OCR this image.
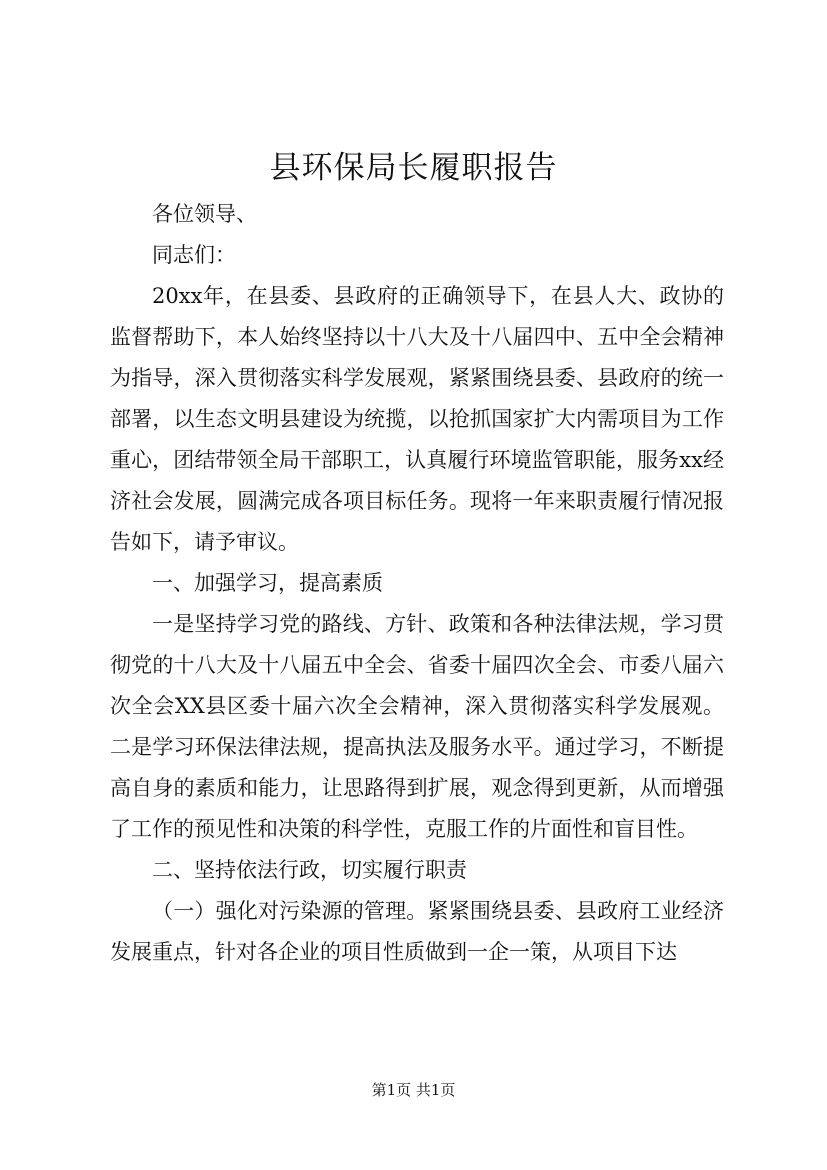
县环保局长履职报告

各位领导、

同志们：

20xx年，在县委、县政府的正确领导下，在县人大、政协的监督帮助下，本人始终坚持以十八大及十八届四中、五中全会精神为指导，深入贯彻落实科学发展观，紧紧围绕县委、县政府的统一部署，以生态文明县建设为统揽，以抢抓国家扩大内需项目为工作重心，团结带领全局干部职工，认真履行环境监管职能，服务xx经济社会发展，圆满完成各项目标任务。现将一年来职责履行情况报告如下，请予审议。

一、加强学习，提高素质

一是坚持学习党的路线、方针、政策和各种法律法规，学习贯彻党的十八大及十八届五中全会、省委十届四次全会、市委八届六次全会XX县区委十届六次全会精神，深入贯彻落实科学发展观。二是学习环保法律法规，提高执法及服务水平。通过学习，不断提高自身的素质和能力，让思路得到扩展，观念得到更新，从而增强了工作的预见性和决策的科学性，克服工作的片面性和盲目性。

二、坚持依法行政，切实履行职责

（一）强化对污染源的管理。紧紧围绕县委、县政府工业经济发展重点，针对各企业的项目性质做到一企一策，从项目下达

第1页 共1页
